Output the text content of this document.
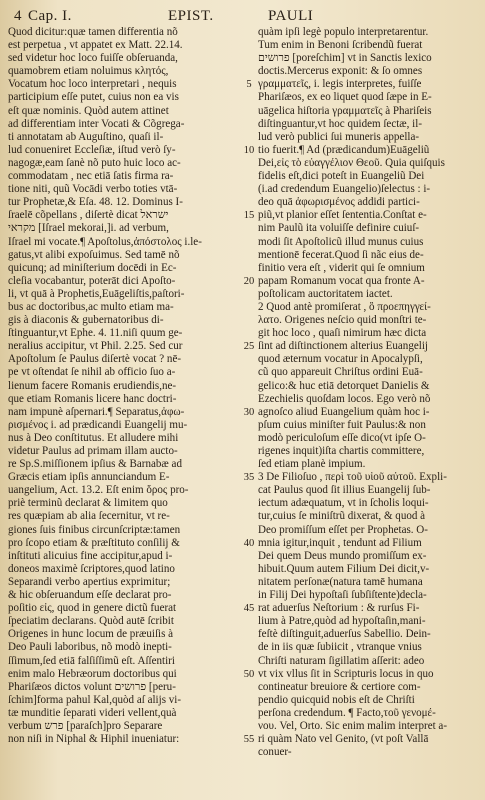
4 Cap. I.	EPIST.	PAULI
Quod dicitur:quæ tamen differentia nõ
est perpetua , vt appatet ex Matt. 22.14.
sed videtur hoc loco fuiſſe obſeruanda,
quamobrem etiam noluimus κλητός,
Vocatum hoc loco interpretari , nequis
participium eſſe putet, cuius non ea vis
eſt quæ nominis. Quòd autem attinet
ad differentiam inter Vocati & Cõgrega-
ti annotatam ab Auguſtino, quaſi il-
lud conueniret Eccleſiæ, iſtud verò ſy-
nagogæ,eam ſanè nõ puto huic loco ac-
commodatam , nec etiā ſatis firma ra-
tione niti, quũ Vocādi verbo toties vtā-
tur Prophetæ,& Eſa. 48. 12. Dominus I-
ſraelē cõpellans , diſertè dicat ישראל
מקראי [Iſrael mekorai,]i. ad verbum,
Iſrael mi vocate.¶ Apoſtolus,ἀπόστολος i.le-
gatus,vt alibi expoſuimus. Sed tamē nõ
quicunq; ad miniſterium docēdi in Ec-
cleſia vocabantur, poterāt dici Apoſto-
li, vt quā à Prophetis,Euāgeliſtis,paſtori-
bus ac doctoribus,ac multo etiam ma-
gis à diaconis & gubernatoribus di-
ſtinguantur,vt Ephe. 4. 11.niſi quum ge-
neralius accipitur, vt Phil. 2.25. Sed cur
Apoſtolum ſe Paulus diſertè vocat ? nē-
pe vt oſtendat ſe nihil ab officio ſuo a-
lienum facere Romanis erudiendis,ne-
que etiam Romanis licere hanc doctri-
nam impunè aſpernari.¶ Separatus,ἀφω-
ρισμένος i. ad prædicandi Euangelij mu-
nus à Deo conſtitutus. Et alludere mihi
videtur Paulus ad primam illam aucto-
re Sp.S.miſſionem ipſius & Barnabæ ad
Græcis etiam ipſis annunciandum E-
uangelium, Act. 13.2. Eſt enim ὅρος pro-
priè terminũ declarat & limitem quo
res quæpiam ab alia ſecernitur, vt re-
giones ſuis finibus circunſcriptæ:tamen
pro ſcopo etiam & præſtituto conſilij &
inſtituti alicuius fine accipitur,apud i-
doneos maximè ſcriptores,quod latino
Separandi verbo apertius exprimitur;
& hic obſeruandum eſſe declarat pro-
poſitio εἰς, quod in genere dictũ fuerat
ſpeciatim declarans. Quòd autē ſcribit
Origenes in hunc locum de præuiſis à
Deo Pauli laboribus, nõ modò inepti-
ſſimum,ſed etiā falſiſſimũ eſt. Aſſentiri
enim malo Hebræorum doctoribus qui
Phariſæos dictos volunt פרושים [peru-
ſchim]forma pahul Kal,quòd aſ alijs vi-
tæ munditie ſeparati videri vellent,quà
verbum פרש [paraſch]pro Separare
non niſi in Niphal & Hiphil inueniatur:
5
10
15
20
25
30
35
40
45
50
55
quàm ipſi legè populo interpretarentur.
Tum enim in Benoni ſcribendũ fuerat
פרושים [poreſchim] vt in Sanctis lexico
doctis.Mercerus exponit: & ſo omnes
γραμματεῖς, i. legis interpretes, fuiſſe
Phariſæos, ex eo liquet quod ſæpe in E-
uāgelica hiſtoria γραμματεῖς à Phariſeis
diſtinguantur,vt hoc quidem ſectæ, il-
lud verò publici ſui muneris appella-
tio fuerit.¶ Ad (prædicandum)Euāgeliũ
Dei,εἰς τὸ εὐαγγέλιον Θεοῦ. Quia quiſquis
fidelis eſt,dici poteſt in Euangeliũ Dei
(i.ad credendum Euangelio)ſelectus : i-
deo quā ἀφωρισμένος addidi partici-
piũ,vt planior eſſet ſententia.Conſtat e-
nim Paulũ ita voluiſſe definire cuiuſ-
modi ſit Apoſtolicũ illud munus cuius
mentionē fecerat.Quod ſi nãc eius de-
finitio vera eſt , viderit qui ſe omnium
papam Romanum vocat qua fronte A-
poſtolicam auctoritatem iactet.
2 Quod antè promiſerat , ὃ προεπηγγεί-
λατο. Origenes neſcio quid monſtri te-
git hoc loco , quaſi nimirum hæc dicta
ſint ad diſtinctionem alterius Euangelij
quod æternum vocatur in Apocalypſi,
cũ quo appareuit Chriſtus ordini Euā-
gelico:& huc etiā detorquet Danielis &
Ezechielis quoſdam locos. Ego verò nõ
agnoſco aliud Euangelium quàm hoc i-
pſum cuius miniſter fuit Paulus:& non
modò periculoſum eſſe dico(vt ipſe O-
rigenes inquit)iſta chartis committere,
ſed etiam planè impium.
3 De Filioſuo , περὶ τοῦ υἱοῦ αὐτοῦ. Expli-
cat Paulus quod ſit illius Euangelij ſub-
iectum adæquatum, vt in ſcholis loqui-
tur,cuius ſe miniſtrũ dixerat, & quod à
Deo promiſſum eſſet per Prophetas. O-
mnia igitur,inquit , tendunt ad Filium
Dei quem Deus mundo promiſſum ex-
hibuit.Quum autem Filium Dei dicit,v-
nitatem perſonæ(natura tamē humana
in Filij Dei hypoſtaſi ſubſiſtente)decla-
rat aduerſus Neſtorium : & rurſus Fi-
lium à Patre,quòd ad hypoſtaſin,mani-
feſtè diſtinguit,aduerſus Sabellio. Dein-
de in iis quæ ſubiicit , vtranque vnius
Chriſti naturam ſigillatim aſſerit: adeo
vt vix vllus ſit in Scripturis locus in quo
contineatur breuiore & certiore com-
pendio quicquid nobis eſt de Chriſti
perſona credendum. ¶ Facto,τοῦ γενομέ-
νου. Vel, Orto. Sic enim malim interpret a-
ri quàm Nato vel Genito, (vt poſt Vallā
conuer-
